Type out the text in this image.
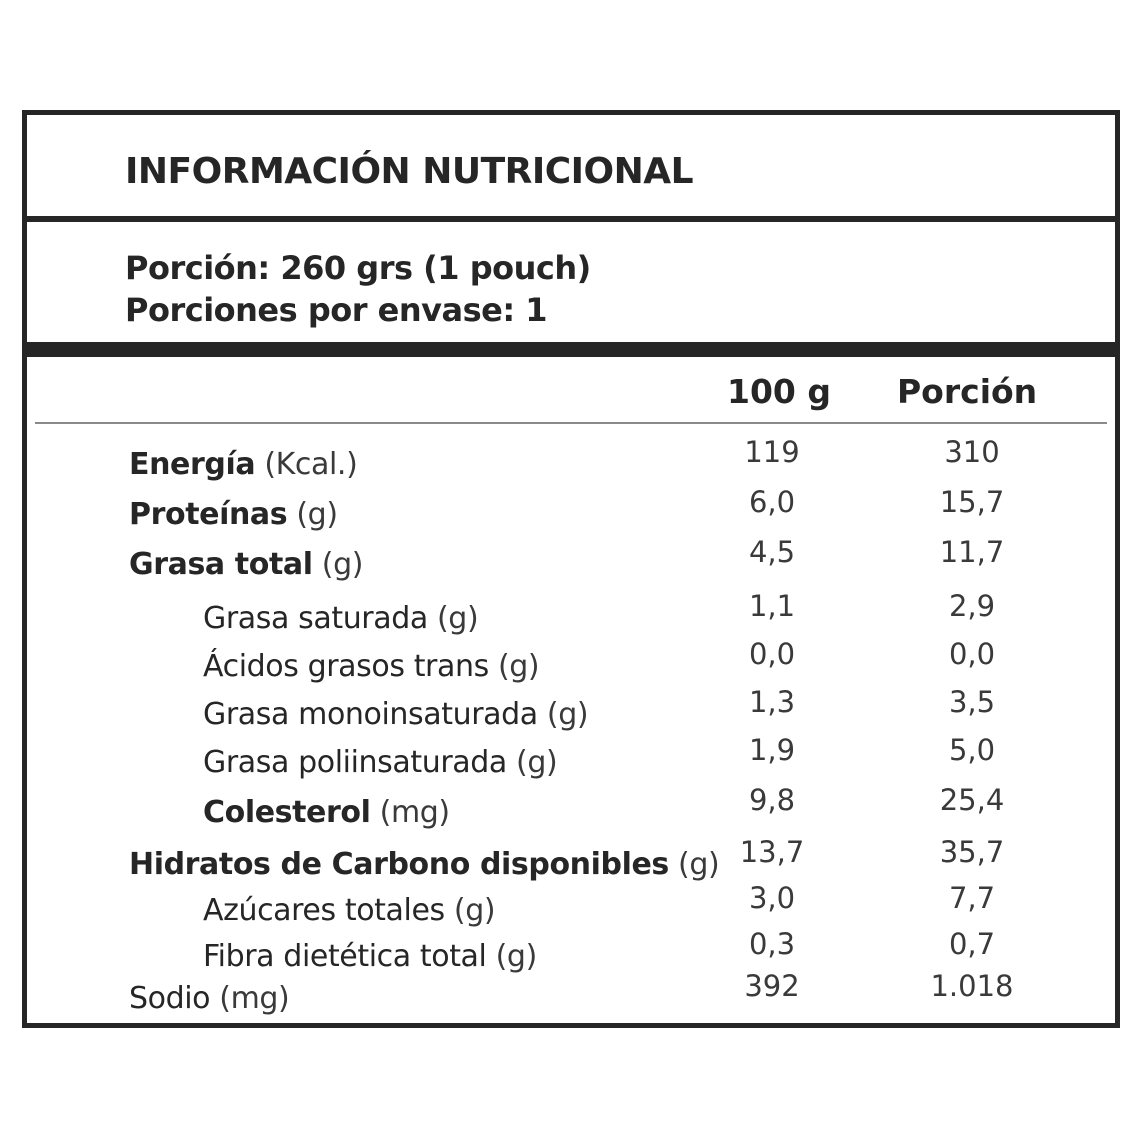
INFORMACIÓN NUTRICIONAL
Porción: 260 grs (1 pouch)
Porciones por envase: 1
100 g Porción
Energía (Kcal.)	119	310
Proteínas (g)	6,0	15,7
Grasa total (g)	4,5	11,7
Grasa saturada (g)	1,1	2,9
Ácidos grasos trans (g)	0,0	0,0
Grasa monoinsaturada (g)	1,3	3,5
Grasa poliinsaturada (g)	1,9	5,0
Colesterol (mg)	9,8	25,4
Hidratos de Carbono disponibles (g) 13,7	35,7
Azúcares totales (g)	3,0	7,7
Fibra dietética total (g)	0,3	0,7
Sodio (mg)	392	1.018
